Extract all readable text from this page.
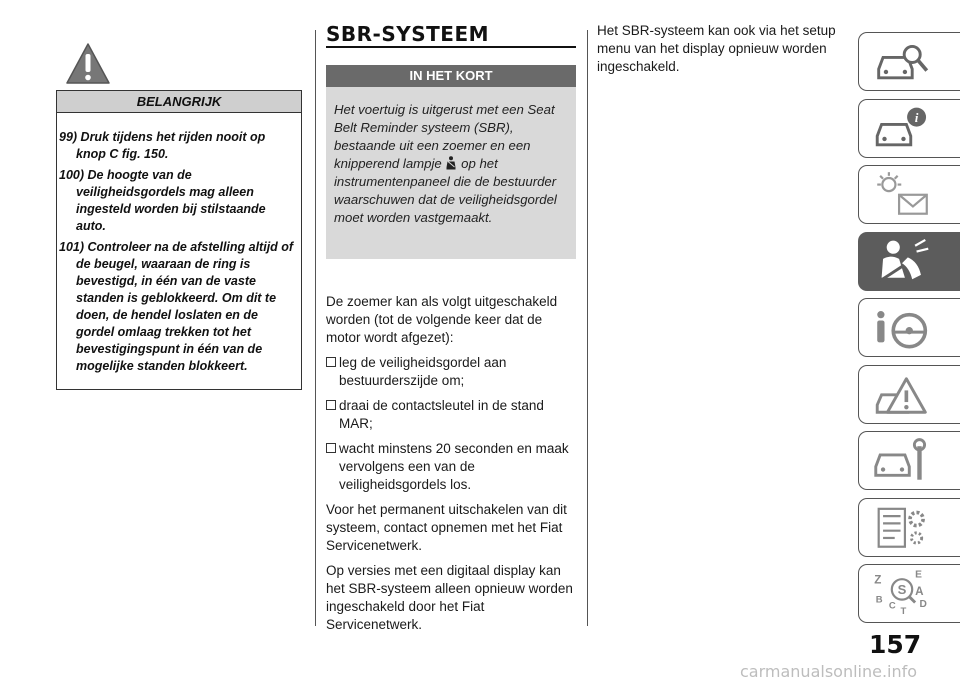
BELANGRIJK
99) Druk tijdens het rijden nooit op knop C fig. 150.
100) De hoogte van de veiligheidsgordels mag alleen ingesteld worden bij stilstaande auto.
101) Controleer na de afstelling altijd of de beugel, waaraan de ring is bevestigd, in één van de vaste standen is geblokkeerd. Om dit te doen, de hendel loslaten en de gordel omlaag trekken tot het bevestigingspunt in één van de mogelijke standen blokkeert.
SBR-SYSTEEM
IN HET KORT
Het voertuig is uitgerust met een Seat Belt Reminder systeem (SBR), bestaande uit een zoemer en een knipperend lampje op het instrumentenpaneel die de bestuurder waarschuwen dat de veiligheidsgordel moet worden vastgemaakt.

De zoemer kan als volgt uitgeschakeld worden (tot de volgende keer dat de motor wordt afgezet):

leg de veiligheidsgordel aan bestuurderszijde om;

draai de contactsleutel in de stand MAR;

wacht minstens 20 seconden en maak vervolgens een van de veiligheidsgordels los.

Voor het permanent uitschakelen van dit systeem, contact opnemen met het Fiat Servicenetwerk.

Op versies met een digitaal display kan het SBR-systeem alleen opnieuw worden ingeschakeld door het Fiat Servicenetwerk.

Het SBR-systeem kan ook via het setup menu van het display opnieuw worden ingeschakeld.

i
Z E
S A
B
C
T
D
157
carmanualsonline.info
